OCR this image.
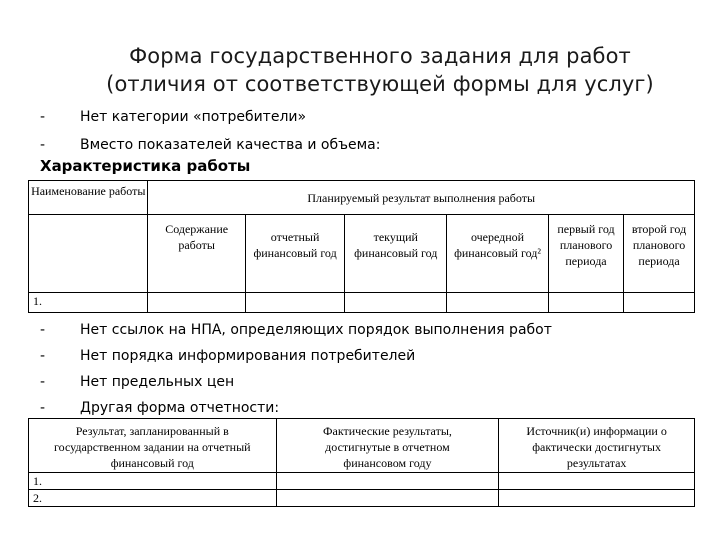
Форма государственного задания для работ
(отличия от соответствующей формы для услуг)
- Нет категории «потребители»
- Вместо показателей качества и объема:
Характеристика работы
Наименование работы	Планируемый результат выполнения работы					
	Содержание работы	отчетный финансовый год	текущий финансовый год	очередной финансовый год²	первый год планового периода	второй год планового периода
1.						
- Нет ссылок на НПА, определяющих порядок выполнения работ
- Нет порядка информирования потребителей
- Нет предельных цен
- Другая форма отчетности:
Результат, запланированный в государственном задании на отчетный финансовый год	Фактические результаты, достигнутые в отчетном финансовом году	Источник(и) информации о фактически достигнутых результатах
1.		
2.		
